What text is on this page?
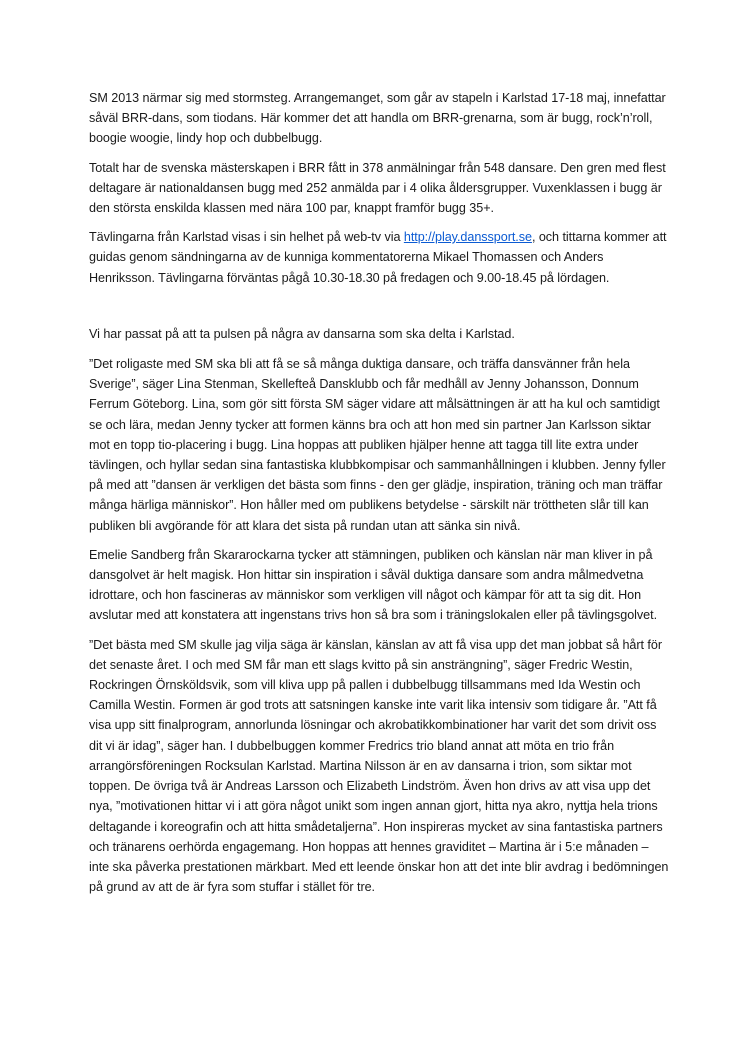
SM 2013 närmar sig med stormsteg. Arrangemanget, som går av stapeln i Karlstad 17-18 maj, innefattar såväl BRR-dans, som tiodans. Här kommer det att handla om BRR-grenarna, som är bugg, rock’n’roll, boogie woogie, lindy hop och dubbelbugg.

Totalt har de svenska mästerskapen i BRR fått in 378 anmälningar från 548 dansare. Den gren med flest deltagare är nationaldansen bugg med 252 anmälda par i 4 olika åldersgrupper. Vuxenklassen i bugg är den största enskilda klassen med nära 100 par, knappt framför bugg 35+.

Tävlingarna från Karlstad visas i sin helhet på web-tv via http://play.danssport.se, och tittarna kommer att guidas genom sändningarna av de kunniga kommentatorerna Mikael Thomassen och Anders Henriksson. Tävlingarna förväntas pågå 10.30-18.30 på fredagen och 9.00-18.45 på lördagen.

Vi har passat på att ta pulsen på några av dansarna som ska delta i Karlstad.

”Det roligaste med SM ska bli att få se så många duktiga dansare, och träffa dansvänner från hela Sverige”, säger Lina Stenman, Skellefteå Dansklubb och får medhåll av Jenny Johansson, Donnum Ferrum Göteborg. Lina, som gör sitt första SM säger vidare att målsättningen är att ha kul och samtidigt se och lära, medan Jenny tycker att formen känns bra och att hon med sin partner Jan Karlsson siktar mot en topp tio-placering i bugg. Lina hoppas att publiken hjälper henne att tagga till lite extra under tävlingen, och hyllar sedan sina fantastiska klubbkompisar och sammanhållningen i klubben. Jenny fyller på med att ”dansen är verkligen det bästa som finns - den ger glädje, inspiration, träning och man träffar många härliga människor”. Hon håller med om publikens betydelse - särskilt när tröttheten slår till kan publiken bli avgörande för att klara det sista på rundan utan att sänka sin nivå.

Emelie Sandberg från Skararockarna tycker att stämningen, publiken och känslan när man kliver in på dansgolvet är helt magisk. Hon hittar sin inspiration i såväl duktiga dansare som andra målmedvetna idrottare, och hon fascineras av människor som verkligen vill något och kämpar för att ta sig dit. Hon avslutar med att konstatera att ingenstans trivs hon så bra som i träningslokalen eller på tävlingsgolvet.

”Det bästa med SM skulle jag vilja säga är känslan, känslan av att få visa upp det man jobbat så hårt för det senaste året. I och med SM får man ett slags kvitto på sin ansträngning”, säger Fredric Westin, Rockringen Örnsköldsvik, som vill kliva upp på pallen i dubbelbugg tillsammans med Ida Westin och Camilla Westin. Formen är god trots att satsningen kanske inte varit lika intensiv som tidigare år. ”Att få visa upp sitt finalprogram, annorlunda lösningar och akrobatikkombinationer har varit det som drivit oss dit vi är idag”, säger han. I dubbelbuggen kommer Fredrics trio bland annat att möta en trio från arrangörsföreningen Rocksulan Karlstad. Martina Nilsson är en av dansarna i trion, som siktar mot toppen. De övriga två är Andreas Larsson och Elizabeth Lindström. Även hon drivs av att visa upp det nya, ”motivationen hittar vi i att göra något unikt som ingen annan gjort, hitta nya akro, nyttja hela trions deltagande i koreografin och att hitta smådetaljerna”. Hon inspireras mycket av sina fantastiska partners och tränarens oerhörda engagemang. Hon hoppas att hennes graviditet – Martina är i 5:e månaden – inte ska påverka prestationen märkbart. Med ett leende önskar hon att det inte blir avdrag i bedömningen på grund av att de är fyra som stuffar i stället för tre.
